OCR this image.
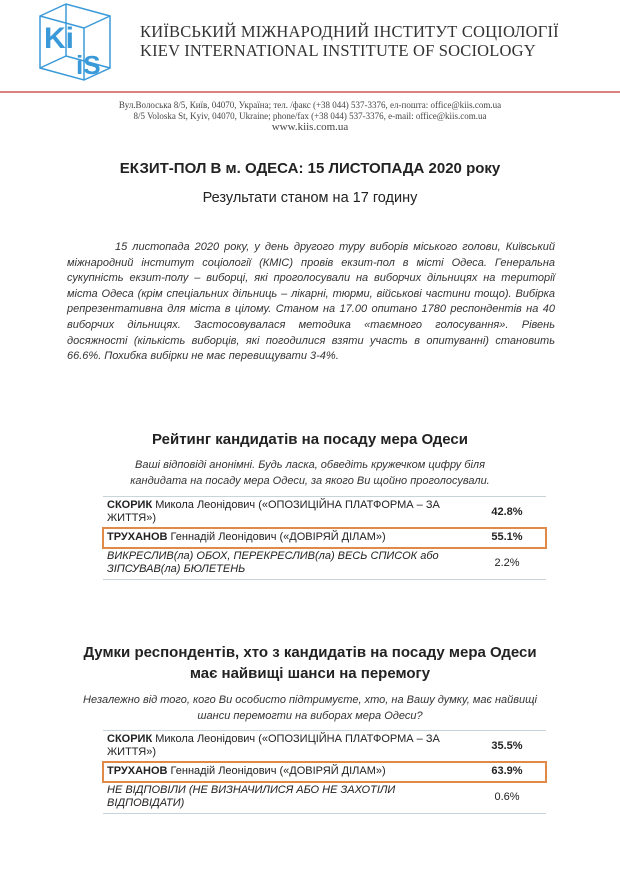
Ki
iS
КИЇВСЬКИЙ МІЖНАРОДНИЙ ІНСТИТУТ СОЦІОЛОГІЇ
KIEV INTERNATIONAL INSTITUTE OF SOCIOLOGY
Вул.Волоська 8/5, Київ, 04070, Україна; тел. /факс (+38 044) 537-3376, ел-пошта: office@kiis.com.ua
8/5 Voloska St, Kyiv, 04070, Ukraine; phone/fax (+38 044) 537-3376, e-mail: office@kiis.com.ua
www.kiis.com.ua
ЕКЗИТ-ПОЛ В м. ОДЕСА: 15 ЛИСТОПАДА 2020 року
Результати станом на 17 годину
15 листопада 2020 року, у день другого туру виборів міського голови, Київський міжнародний інститут соціології (КМІС) провів екзит-пол в місті Одеса. Генеральна сукупність екзит-полу – виборці, які проголосували на виборчих дільницях на території міста Одеса (крім спеціальних дільниць – лікарні, тюрми, військові частини тощо). Вибірка репрезентативна для міста в цілому. Станом на 17.00 опитано 1780 респондентів на 40 виборчих дільницях. Застосовувалася методика «таємного голосування». Рівень досяжності (кількість виборців, які погодилися взяти участь в опитуванні) становить 66.6%. Похибка вибірки не має перевищувати 3-4%.
Рейтинг кандидатів на посаду мера Одеси
Ваші відповіді анонімні. Будь ласка, обведіть кружечком цифру біля кандидата на посаду мера Одеси, за якого Ви щойно проголосували.
СКОРИК Микола Леонідович («ОПОЗИЦІЙНА ПЛАТФОРМА – ЗА ЖИТТЯ»)	42.8%
ТРУХАНОВ Геннадій Леонідович («ДОВІРЯЙ ДІЛАМ»)	55.1%
ВИКРЕСЛИВ(ла) ОБОХ, ПЕРЕКРЕСЛИВ(ла) ВЕСЬ СПИСОК або ЗІПСУВАВ(ла) БЮЛЕТЕНЬ	2.2%
Думки респондентів, хто з кандидатів на посаду мера Одеси має найвищі шанси на перемогу
Незалежно від того, кого Ви особисто підтримуєте, хто, на Вашу думку, має найвищі шанси перемогти на виборах мера Одеси?
СКОРИК Микола Леонідович («ОПОЗИЦІЙНА ПЛАТФОРМА – ЗА ЖИТТЯ»)	35.5%
ТРУХАНОВ Геннадій Леонідович («ДОВІРЯЙ ДІЛАМ»)	63.9%
НЕ ВІДПОВІЛИ (НЕ ВИЗНАЧИЛИСЯ АБО НЕ ЗАХОТІЛИ ВІДПОВІДАТИ)	0.6%
